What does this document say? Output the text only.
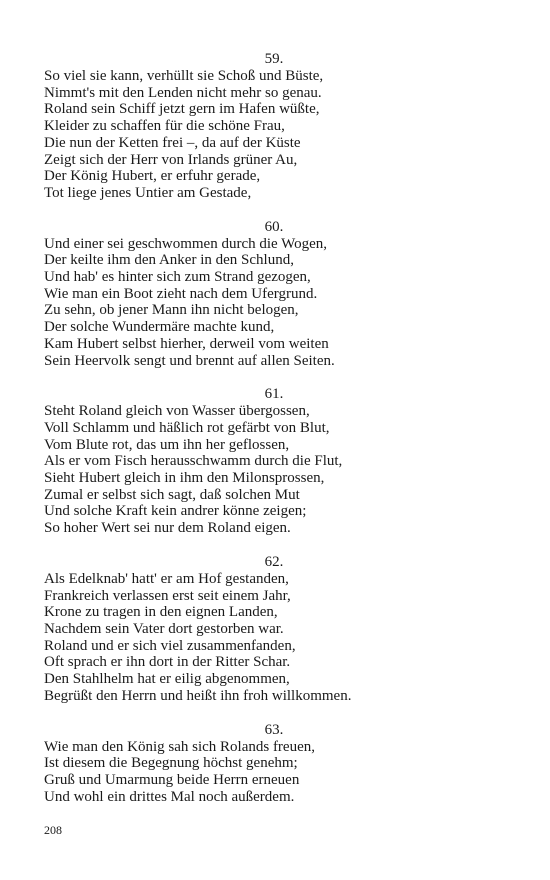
59.
So viel sie kann, verhüllt sie Schoß und Büste,
Nimmt's mit den Lenden nicht mehr so genau.
Roland sein Schiff jetzt gern im Hafen wüßte,
Kleider zu schaffen für die schöne Frau,
Die nun der Ketten frei –, da auf der Küste
Zeigt sich der Herr von Irlands grüner Au,
Der König Hubert, er erfuhr gerade,
Tot liege jenes Untier am Gestade,
60.
Und einer sei geschwommen durch die Wogen,
Der keilte ihm den Anker in den Schlund,
Und hab' es hinter sich zum Strand gezogen,
Wie man ein Boot zieht nach dem Ufergrund.
Zu sehn, ob jener Mann ihn nicht belogen,
Der solche Wundermäre machte kund,
Kam Hubert selbst hierher, derweil vom weiten
Sein Heervolk sengt und brennt auf allen Seiten.
61.
Steht Roland gleich von Wasser übergossen,
Voll Schlamm und häßlich rot gefärbt von Blut,
Vom Blute rot, das um ihn her geflossen,
Als er vom Fisch herausschwamm durch die Flut,
Sieht Hubert gleich in ihm den Milonsprossen,
Zumal er selbst sich sagt, daß solchen Mut
Und solche Kraft kein andrer könne zeigen;
So hoher Wert sei nur dem Roland eigen.
62.
Als Edelknab' hatt' er am Hof gestanden,
Frankreich verlassen erst seit einem Jahr,
Krone zu tragen in den eignen Landen,
Nachdem sein Vater dort gestorben war.
Roland und er sich viel zusammenfanden,
Oft sprach er ihn dort in der Ritter Schar.
Den Stahlhelm hat er eilig abgenommen,
Begrüßt den Herrn und heißt ihn froh willkommen.
63.
Wie man den König sah sich Rolands freuen,
Ist diesem die Begegnung höchst genehm;
Gruß und Umarmung beide Herrn erneuen
Und wohl ein drittes Mal noch außerdem.
208
